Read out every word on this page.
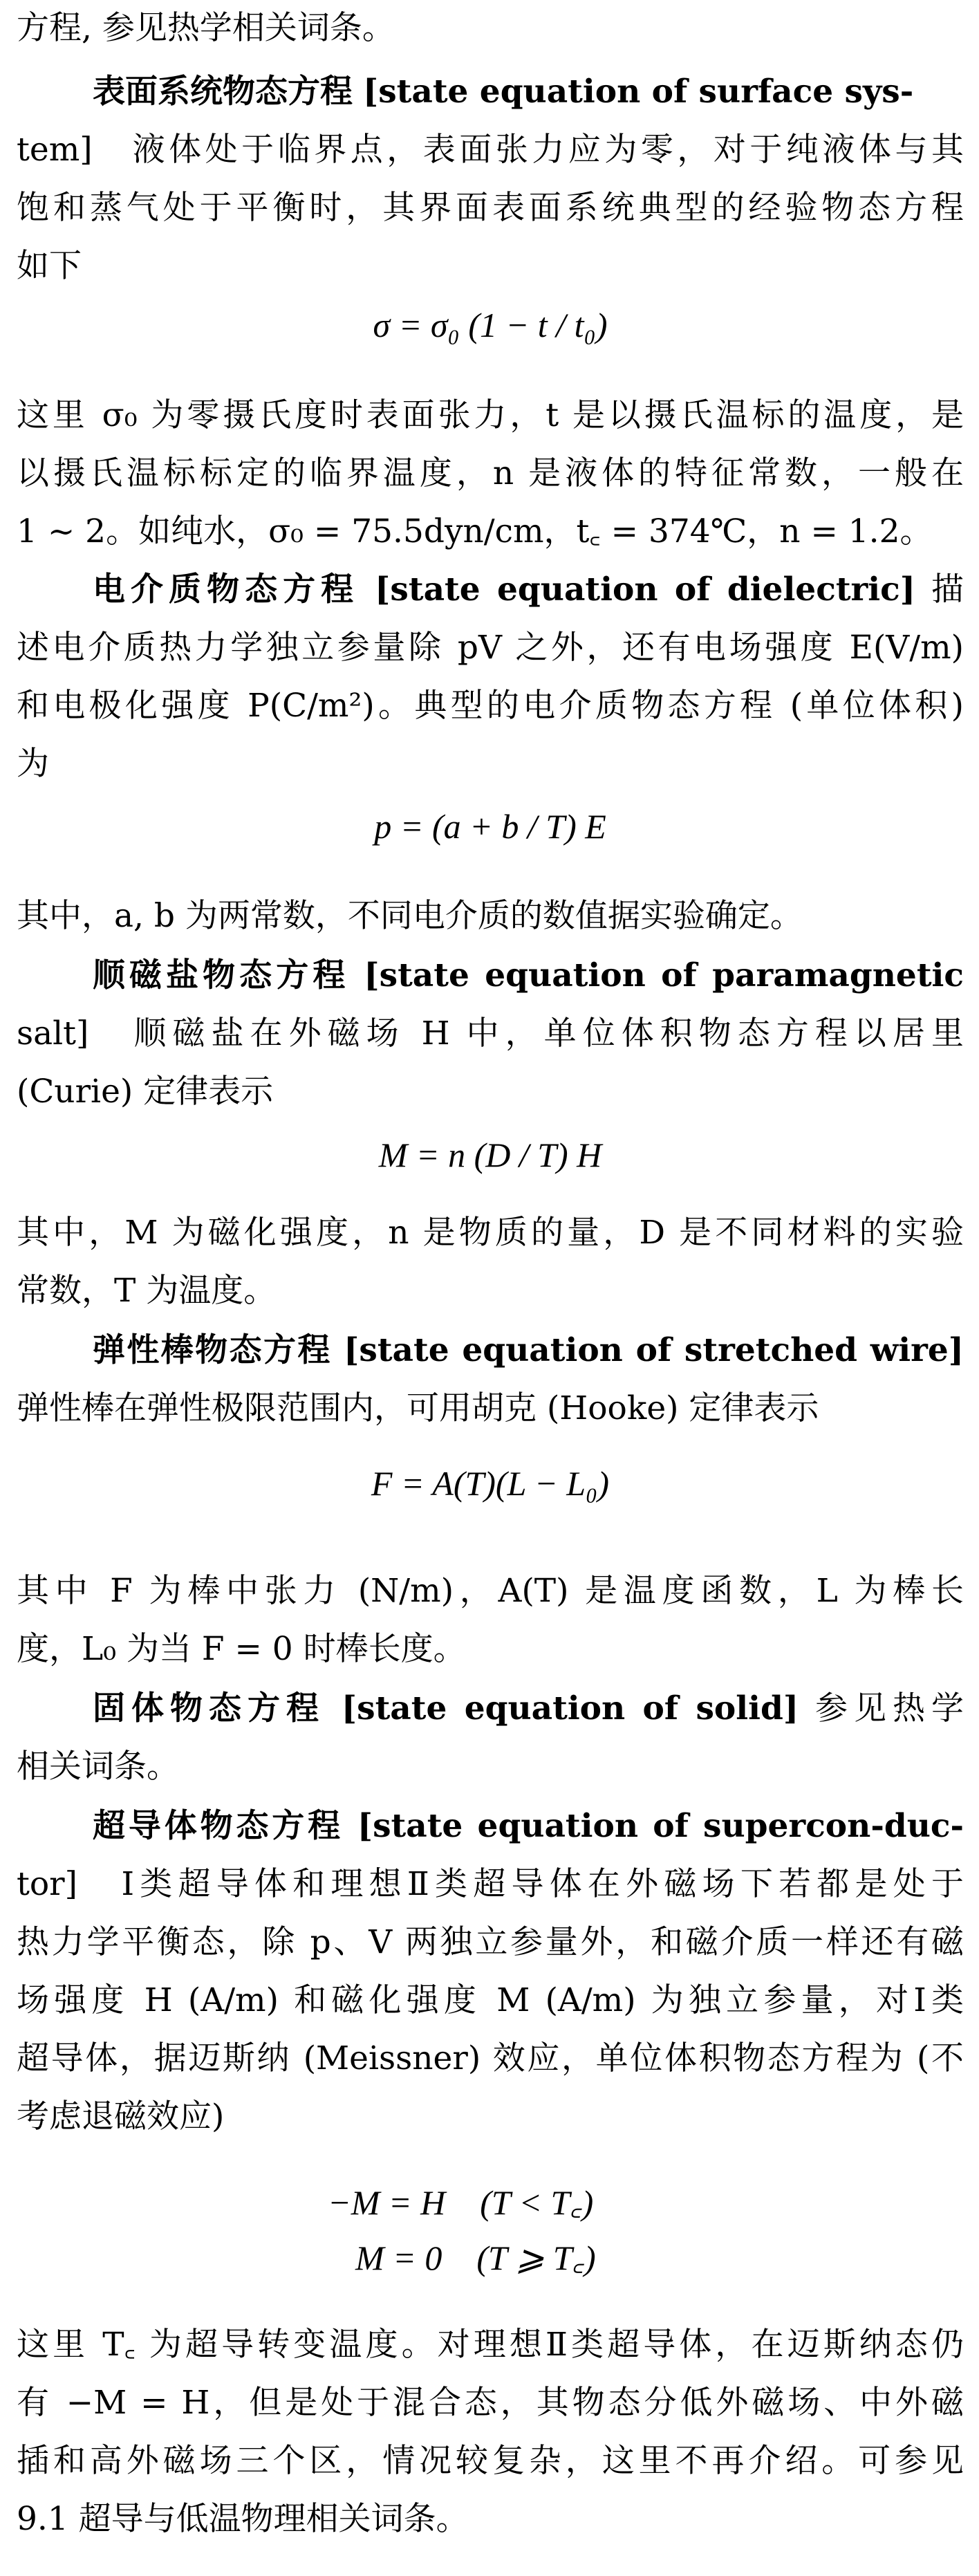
方程, 参见热学相关词条。
表面系统物态方程 [state equation of surface sys-
tem]　液体处于临界点，表面张力应为零，对于纯液体与其
饱和蒸气处于平衡时，其界面表面系统典型的经验物态方程
如下
σ = σ₀ (1 − t / t₀)
这里 σ₀ 为零摄氏度时表面张力，t 是以摄氏温标的温度，是
以摄氏温标标定的临界温度，n 是液体的特征常数，一般在
1 ~ 2。如纯水，σ₀ = 75.5dyn/cm，t꜀ = 374℃，n = 1.2。
电介质物态方程 [state equation of dielectric] 描
述电介质热力学独立参量除 pV 之外，还有电场强度 E(V/m)
和电极化强度 P(C/m²)。典型的电介质物态方程 (单位体积)
为
p = (a + b / T) E
其中，a, b 为两常数，不同电介质的数值据实验确定。
顺磁盐物态方程 [state equation of paramagnetic
salt]　顺磁盐在外磁场 H 中，单位体积物态方程以居里
(Curie) 定律表示
M = n (D / T) H
其中，M 为磁化强度，n 是物质的量，D 是不同材料的实验
常数，T 为温度。
弹性棒物态方程 [state equation of stretched wire]
弹性棒在弹性极限范围内，可用胡克 (Hooke) 定律表示
F = A(T)(L − L₀)
其中 F 为棒中张力 (N/m)，A(T) 是温度函数，L 为棒长
度，L₀ 为当 F = 0 时棒长度。
固体物态方程 [state equation of solid] 参见热学
相关词条。
超导体物态方程 [state equation of supercon-duc-
tor]　Ⅰ类超导体和理想Ⅱ类超导体在外磁场下若都是处于
热力学平衡态，除 p、V 两独立参量外，和磁介质一样还有磁
场强度 H (A/m) 和磁化强度 M (A/m) 为独立参量，对Ⅰ类
超导体，据迈斯纳 (Meissner) 效应，单位体积物态方程为 (不
考虑退磁效应)
−M = H　(T < T꜀)
M = 0　(T ⩾ T꜀)
这里 T꜀ 为超导转变温度。对理想Ⅱ类超导体，在迈斯纳态仍
有 −M = H，但是处于混合态，其物态分低外磁场、中外磁
插和高外磁场三个区，情况较复杂，这里不再介绍。可参见
9.1 超导与低温物理相关词条。
